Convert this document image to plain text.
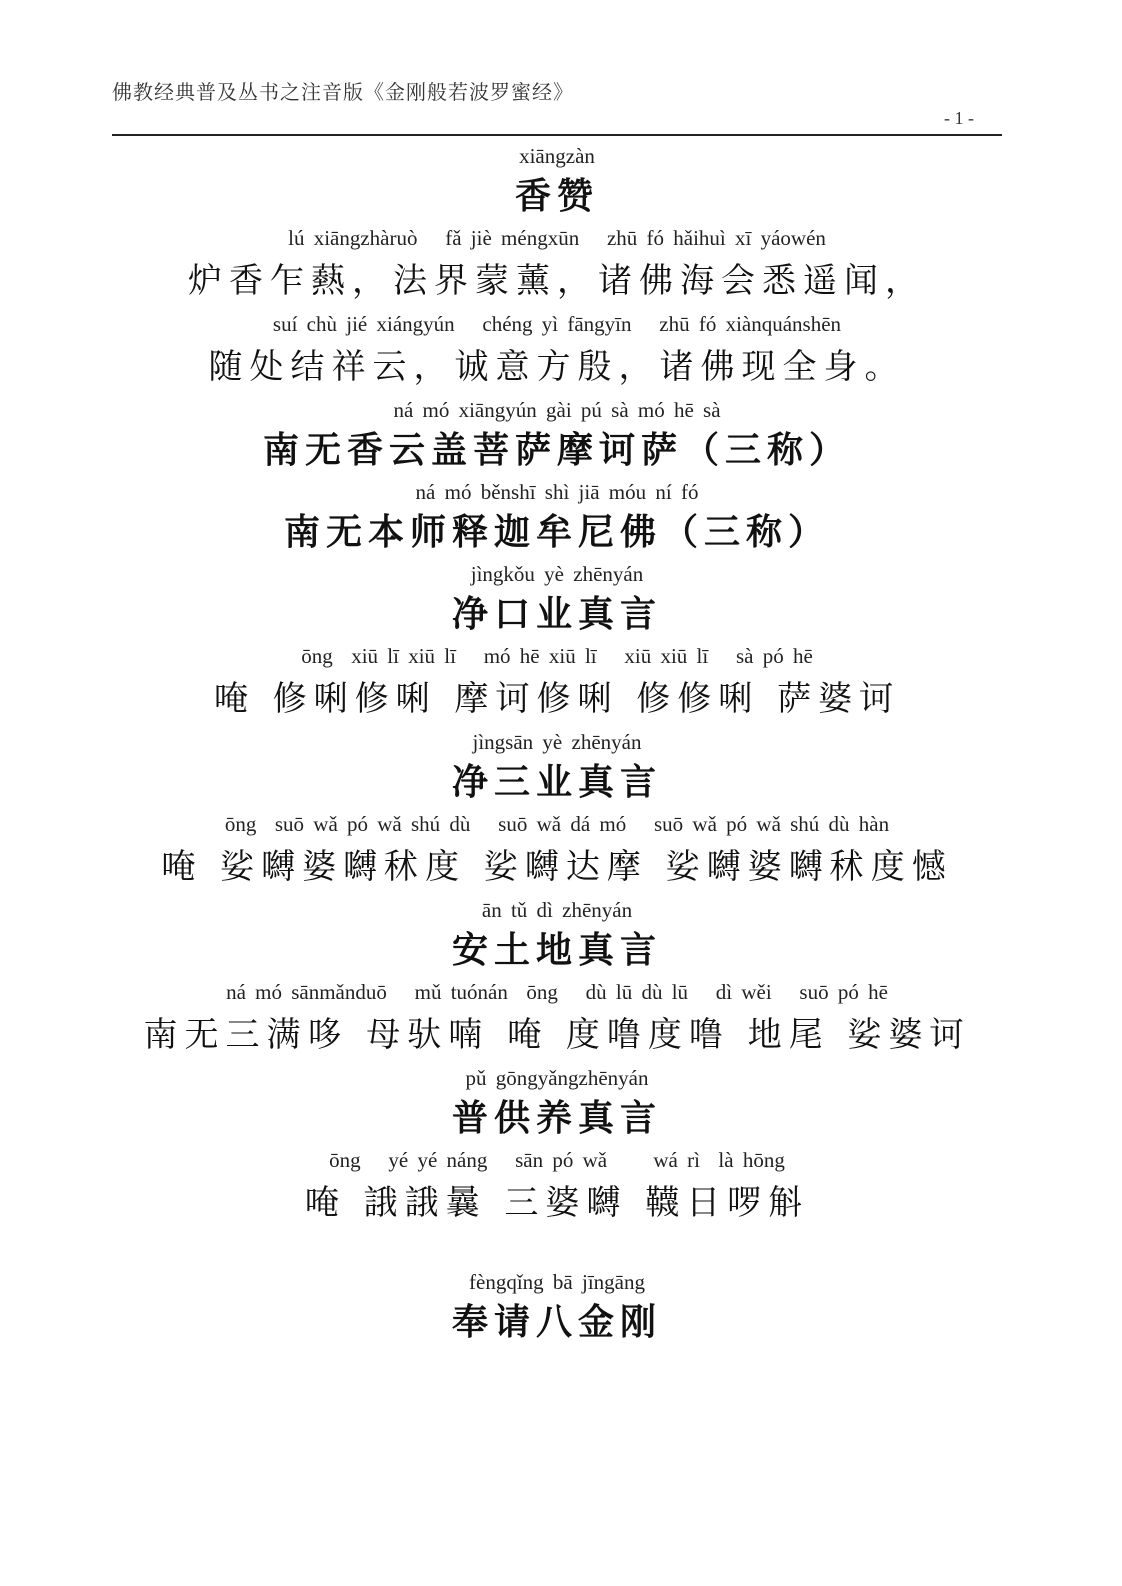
佛教经典普及丛书之注音版《金刚般若波罗蜜经》
- 1 -
xiāngzàn
香赞
lú xiāngzhàruò   fǎ jiè méngxūn   zhū fó hǎihuì xī yáowén
炉香乍爇，法界蒙薰，诸佛海会悉遥闻，
suí chù jié xiángyún   chéng yì fāngyīn   zhū fó xiànquánshēn
随处结祥云，诚意方殷，诸佛现全身。
ná mó xiāngyún gài pú sà mó hē sà
南无香云盖菩萨摩诃萨（三称）
ná mó běnshī shì jiā móu ní fó
南无本师释迦牟尼佛（三称）
jìngkǒu yè zhēnyán
净口业真言
ōng  xiū lī xiū lī   mó hē xiū lī   xiū xiū lī   sà pó hē
唵 修唎修唎 摩诃修唎 修修唎 萨婆诃
jìngsān yè zhēnyán
净三业真言
ōng  suō wǎ pó wǎ shú dù   suō wǎ dá mó   suō wǎ pó wǎ shú dù hàn
唵 娑嚩婆嚩秫度 娑嚩达摩 娑嚩婆嚩秫度憾
ān tǔ dì zhēnyán
安土地真言
ná mó sānmǎnduō   mǔ tuónán  ōng   dù lū dù lū   dì wěi   suō pó hē
南无三满哆 母驮喃 唵 度噜度噜 地尾 娑婆诃
pǔ gōngyǎngzhēnyán
普供养真言
ōng   yé yé náng   sān pó wǎ     wá rì  là hōng
唵 誐誐曩 三婆嚩 韈日啰斛
fèngqǐng bā jīngāng
奉请八金刚
